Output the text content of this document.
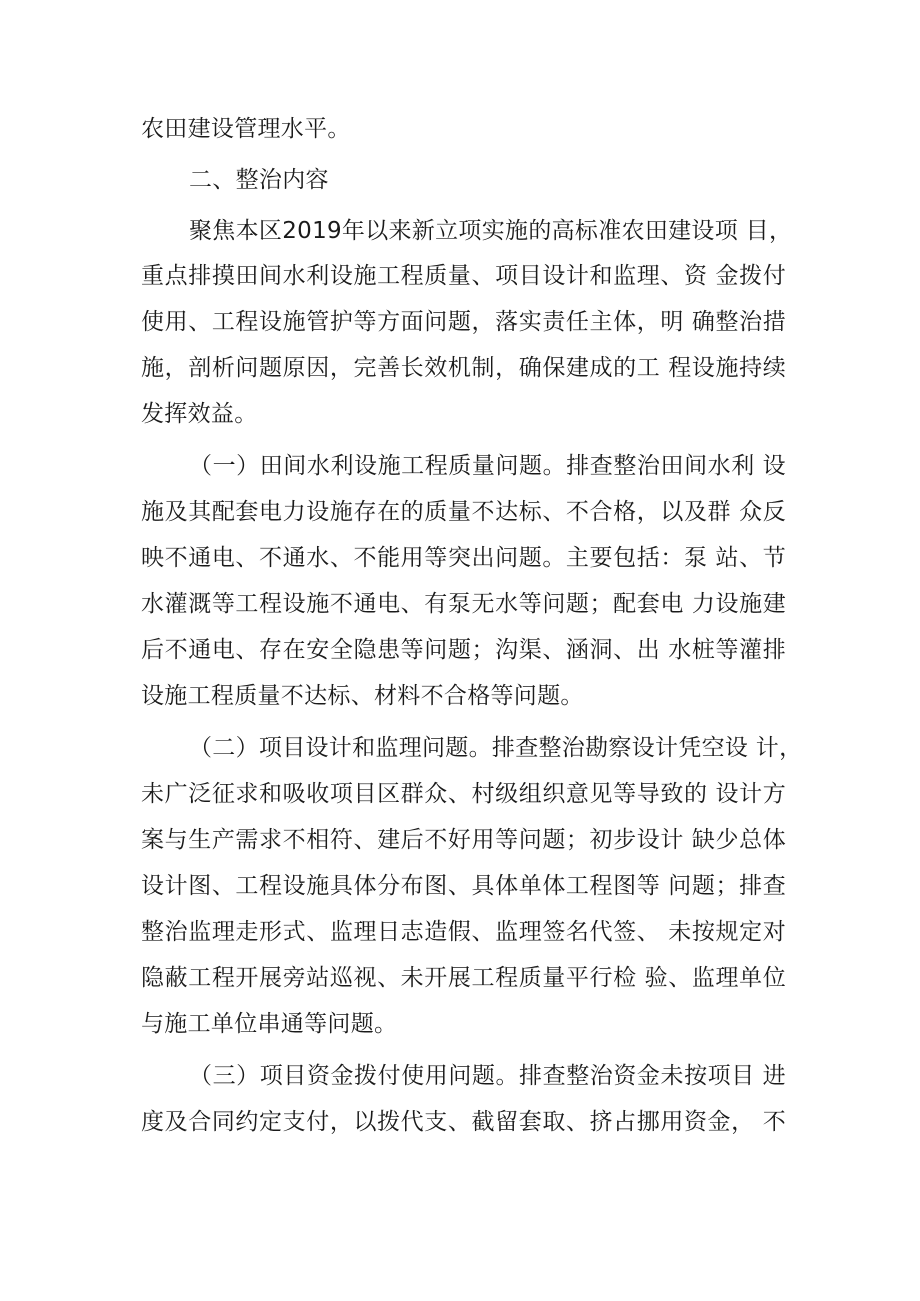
农田建设管理水平。
二、整治内容
聚焦本区2019年以来新立项实施的高标准农田建设项 目，
重点排摸田间水利设施工程质量、项目设计和监理、资 金拨付
使用、工程设施管护等方面问题，落实责任主体，明 确整治措
施，剖析问题原因，完善长效机制，确保建成的工 程设施持续
发挥效益。
（一）田间水利设施工程质量问题。排查整治田间水利 设
施及其配套电力设施存在的质量不达标、不合格，以及群 众反
映不通电、不通水、不能用等突出问题。主要包括：泵 站、节
水灌溉等工程设施不通电、有泵无水等问题；配套电 力设施建
后不通电、存在安全隐患等问题；沟渠、涵洞、出 水桩等灌排
设施工程质量不达标、材料不合格等问题。
（二）项目设计和监理问题。排查整治勘察设计凭空设 计，
未广泛征求和吸收项目区群众、村级组织意见等导致的 设计方
案与生产需求不相符、建后不好用等问题；初步设计 缺少总体
设计图、工程设施具体分布图、具体单体工程图等 问题；排查
整治监理走形式、监理日志造假、监理签名代签、 未按规定对
隐蔽工程开展旁站巡视、未开展工程质量平行检 验、监理单位
与施工单位串通等问题。
（三）项目资金拨付使用问题。排查整治资金未按项目 进
度及合同约定支付，以拨代支、截留套取、挤占挪用资金， 不
